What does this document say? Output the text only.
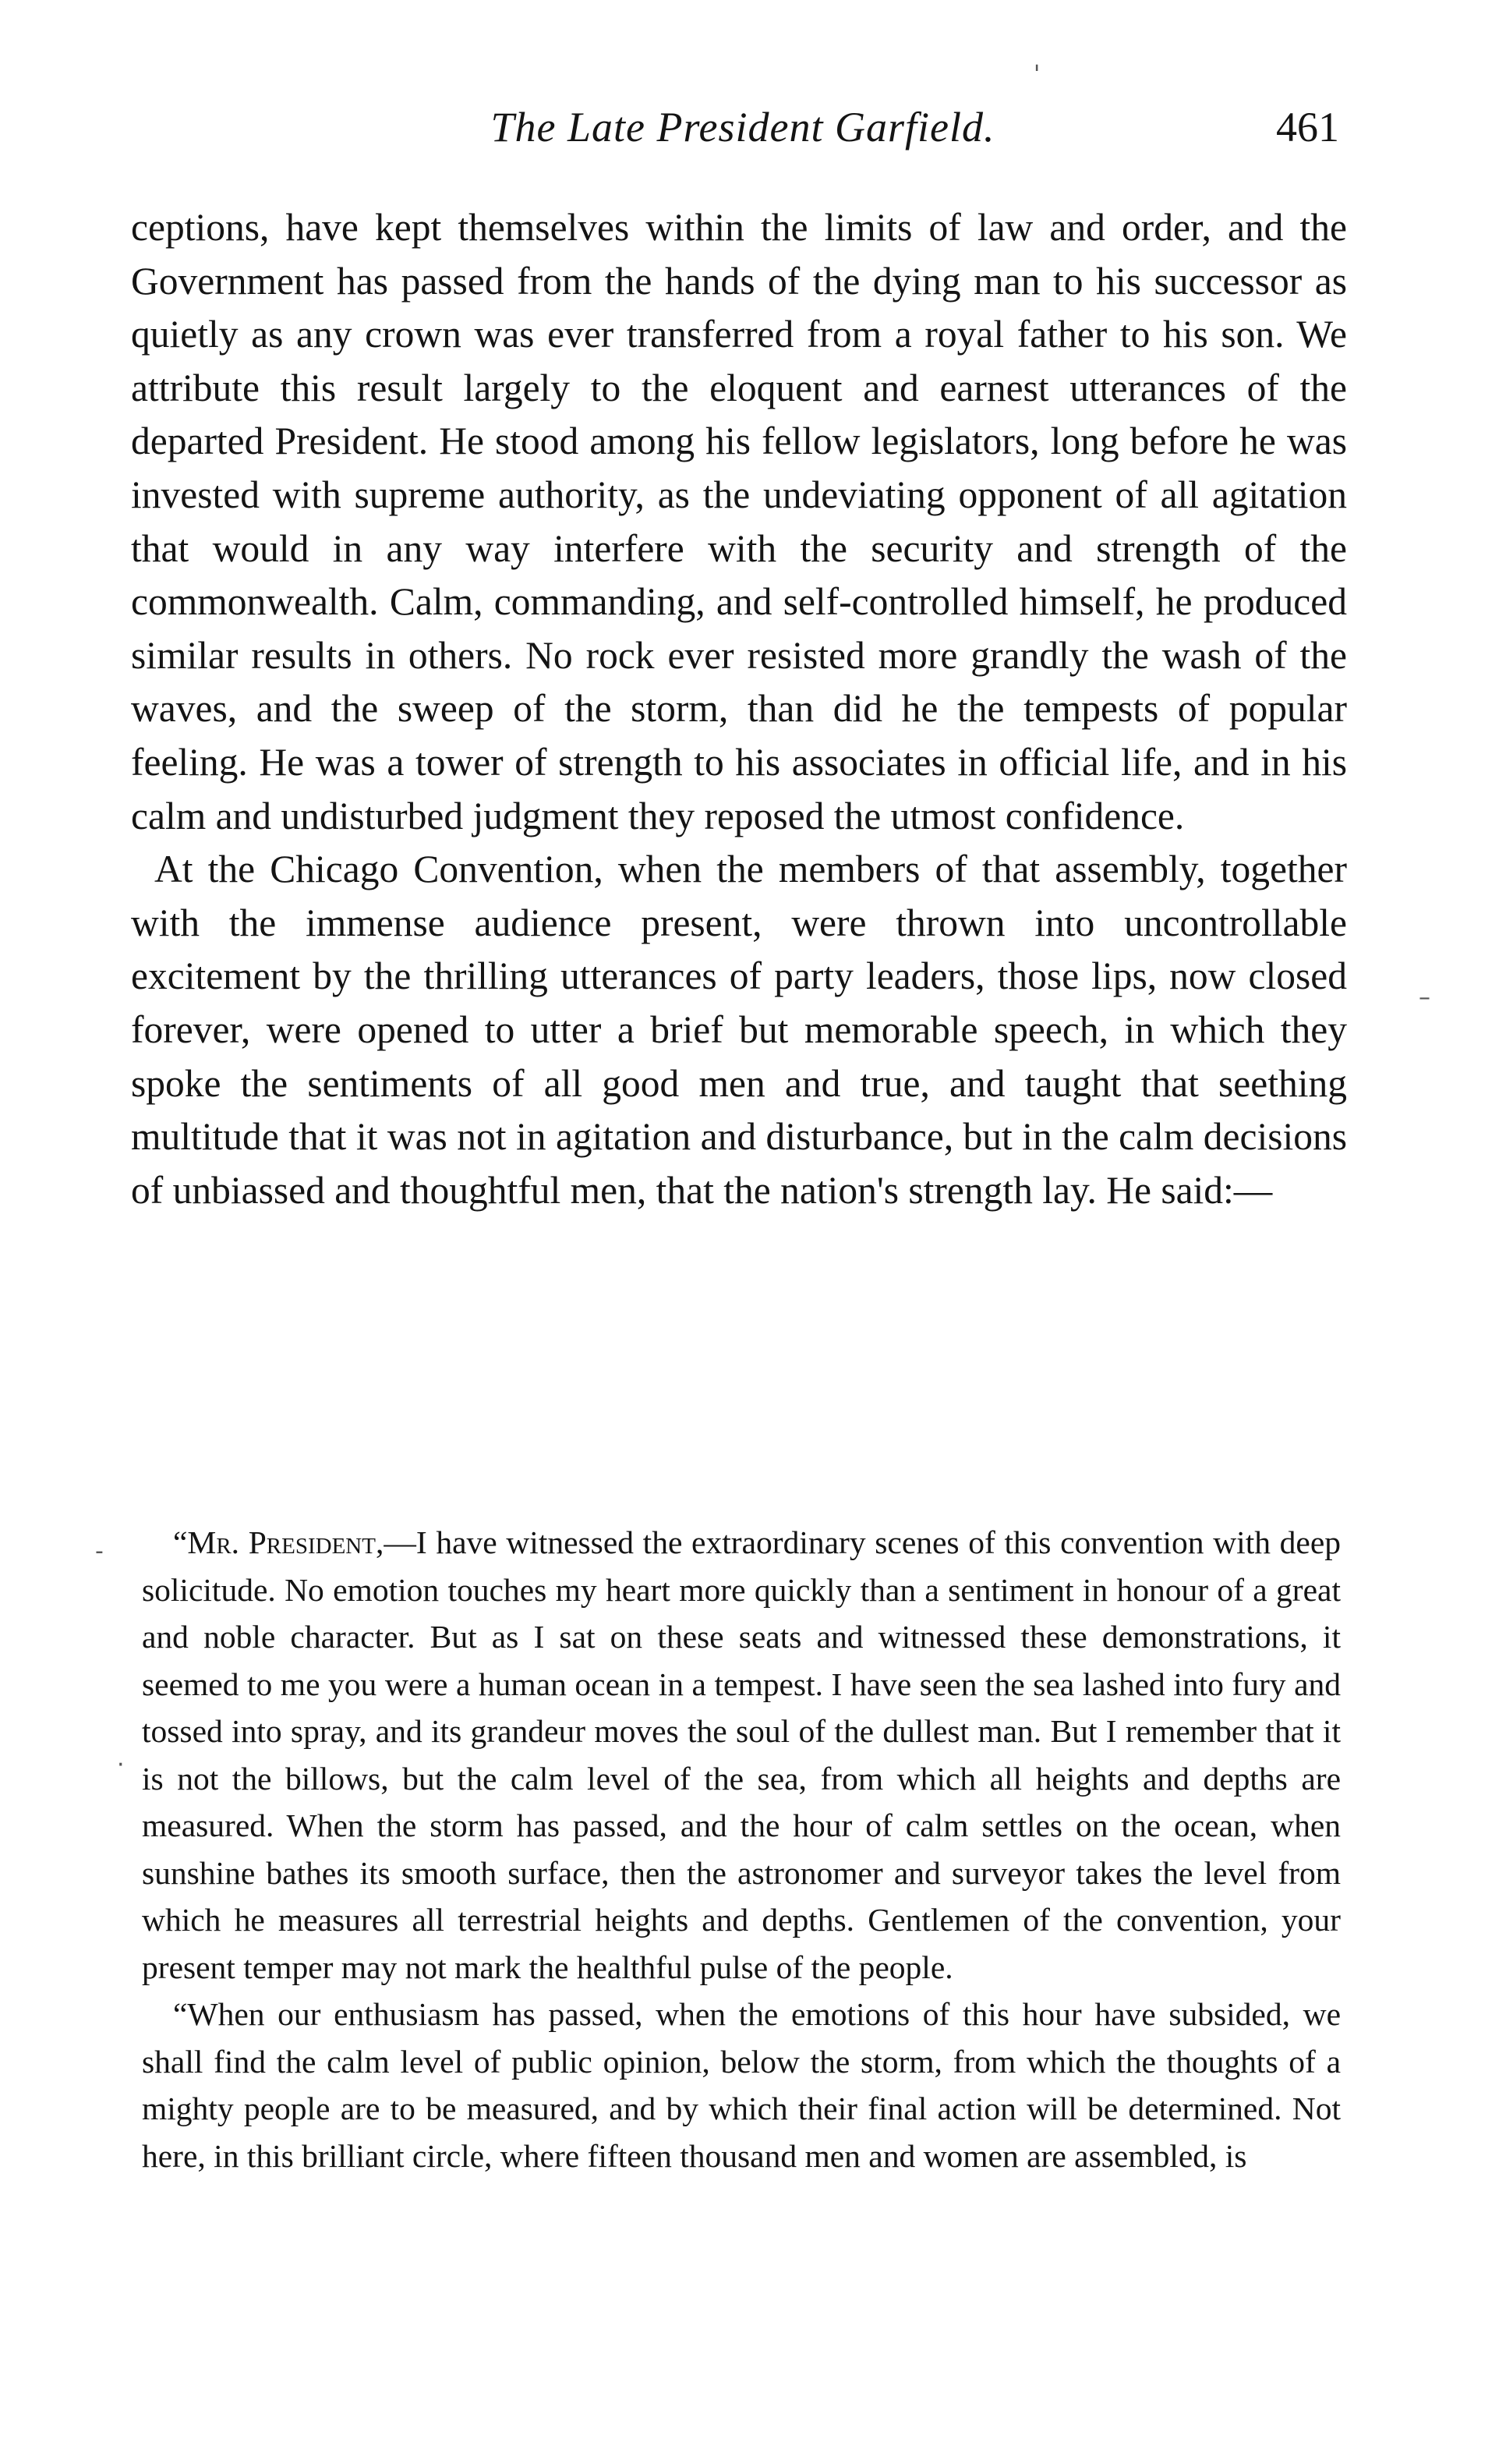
The Late President Garfield.	461

ceptions, have kept themselves within the limits of law and order, and the Government has passed from the hands of the dying man to his successor as quietly as any crown was ever transferred from a royal father to his son. We attribute this result largely to the eloquent and earnest utterances of the departed President. He stood among his fellow legislators, long before he was invested with supreme authority, as the undeviating opponent of all agitation that would in any way interfere with the security and strength of the commonwealth. Calm, commanding, and self-controlled himself, he produced similar results in others. No rock ever resisted more grandly the wash of the waves, and the sweep of the storm, than did he the tempests of popular feeling. He was a tower of strength to his associates in official life, and in his calm and undisturbed judgment they reposed the utmost confidence.

At the Chicago Convention, when the members of that assembly, together with the immense audience present, were thrown into uncontrollable excitement by the thrilling utterances of party leaders, those lips, now closed forever, were opened to utter a brief but memorable speech, in which they spoke the sentiments of all good men and true, and taught that seething multitude that it was not in agitation and disturbance, but in the calm decisions of unbiassed and thoughtful men, that the nation's strength lay. He said:—

“Mr. President,—I have witnessed the extraordinary scenes of this convention with deep solicitude. No emotion touches my heart more quickly than a sentiment in honour of a great and noble character. But as I sat on these seats and witnessed these demonstrations, it seemed to me you were a human ocean in a tempest. I have seen the sea lashed into fury and tossed into spray, and its grandeur moves the soul of the dullest man. But I remember that it is not the billows, but the calm level of the sea, from which all heights and depths are measured. When the storm has passed, and the hour of calm settles on the ocean, when sunshine bathes its smooth surface, then the astronomer and surveyor takes the level from which he measures all terrestrial heights and depths. Gentlemen of the convention, your present temper may not mark the healthful pulse of the people.

“When our enthusiasm has passed, when the emotions of this hour have subsided, we shall find the calm level of public opinion, below the storm, from which the thoughts of a mighty people are to be measured, and by which their final action will be determined. Not here, in this brilliant circle, where fifteen thousand men and women are assembled, is

'
–
-
·
